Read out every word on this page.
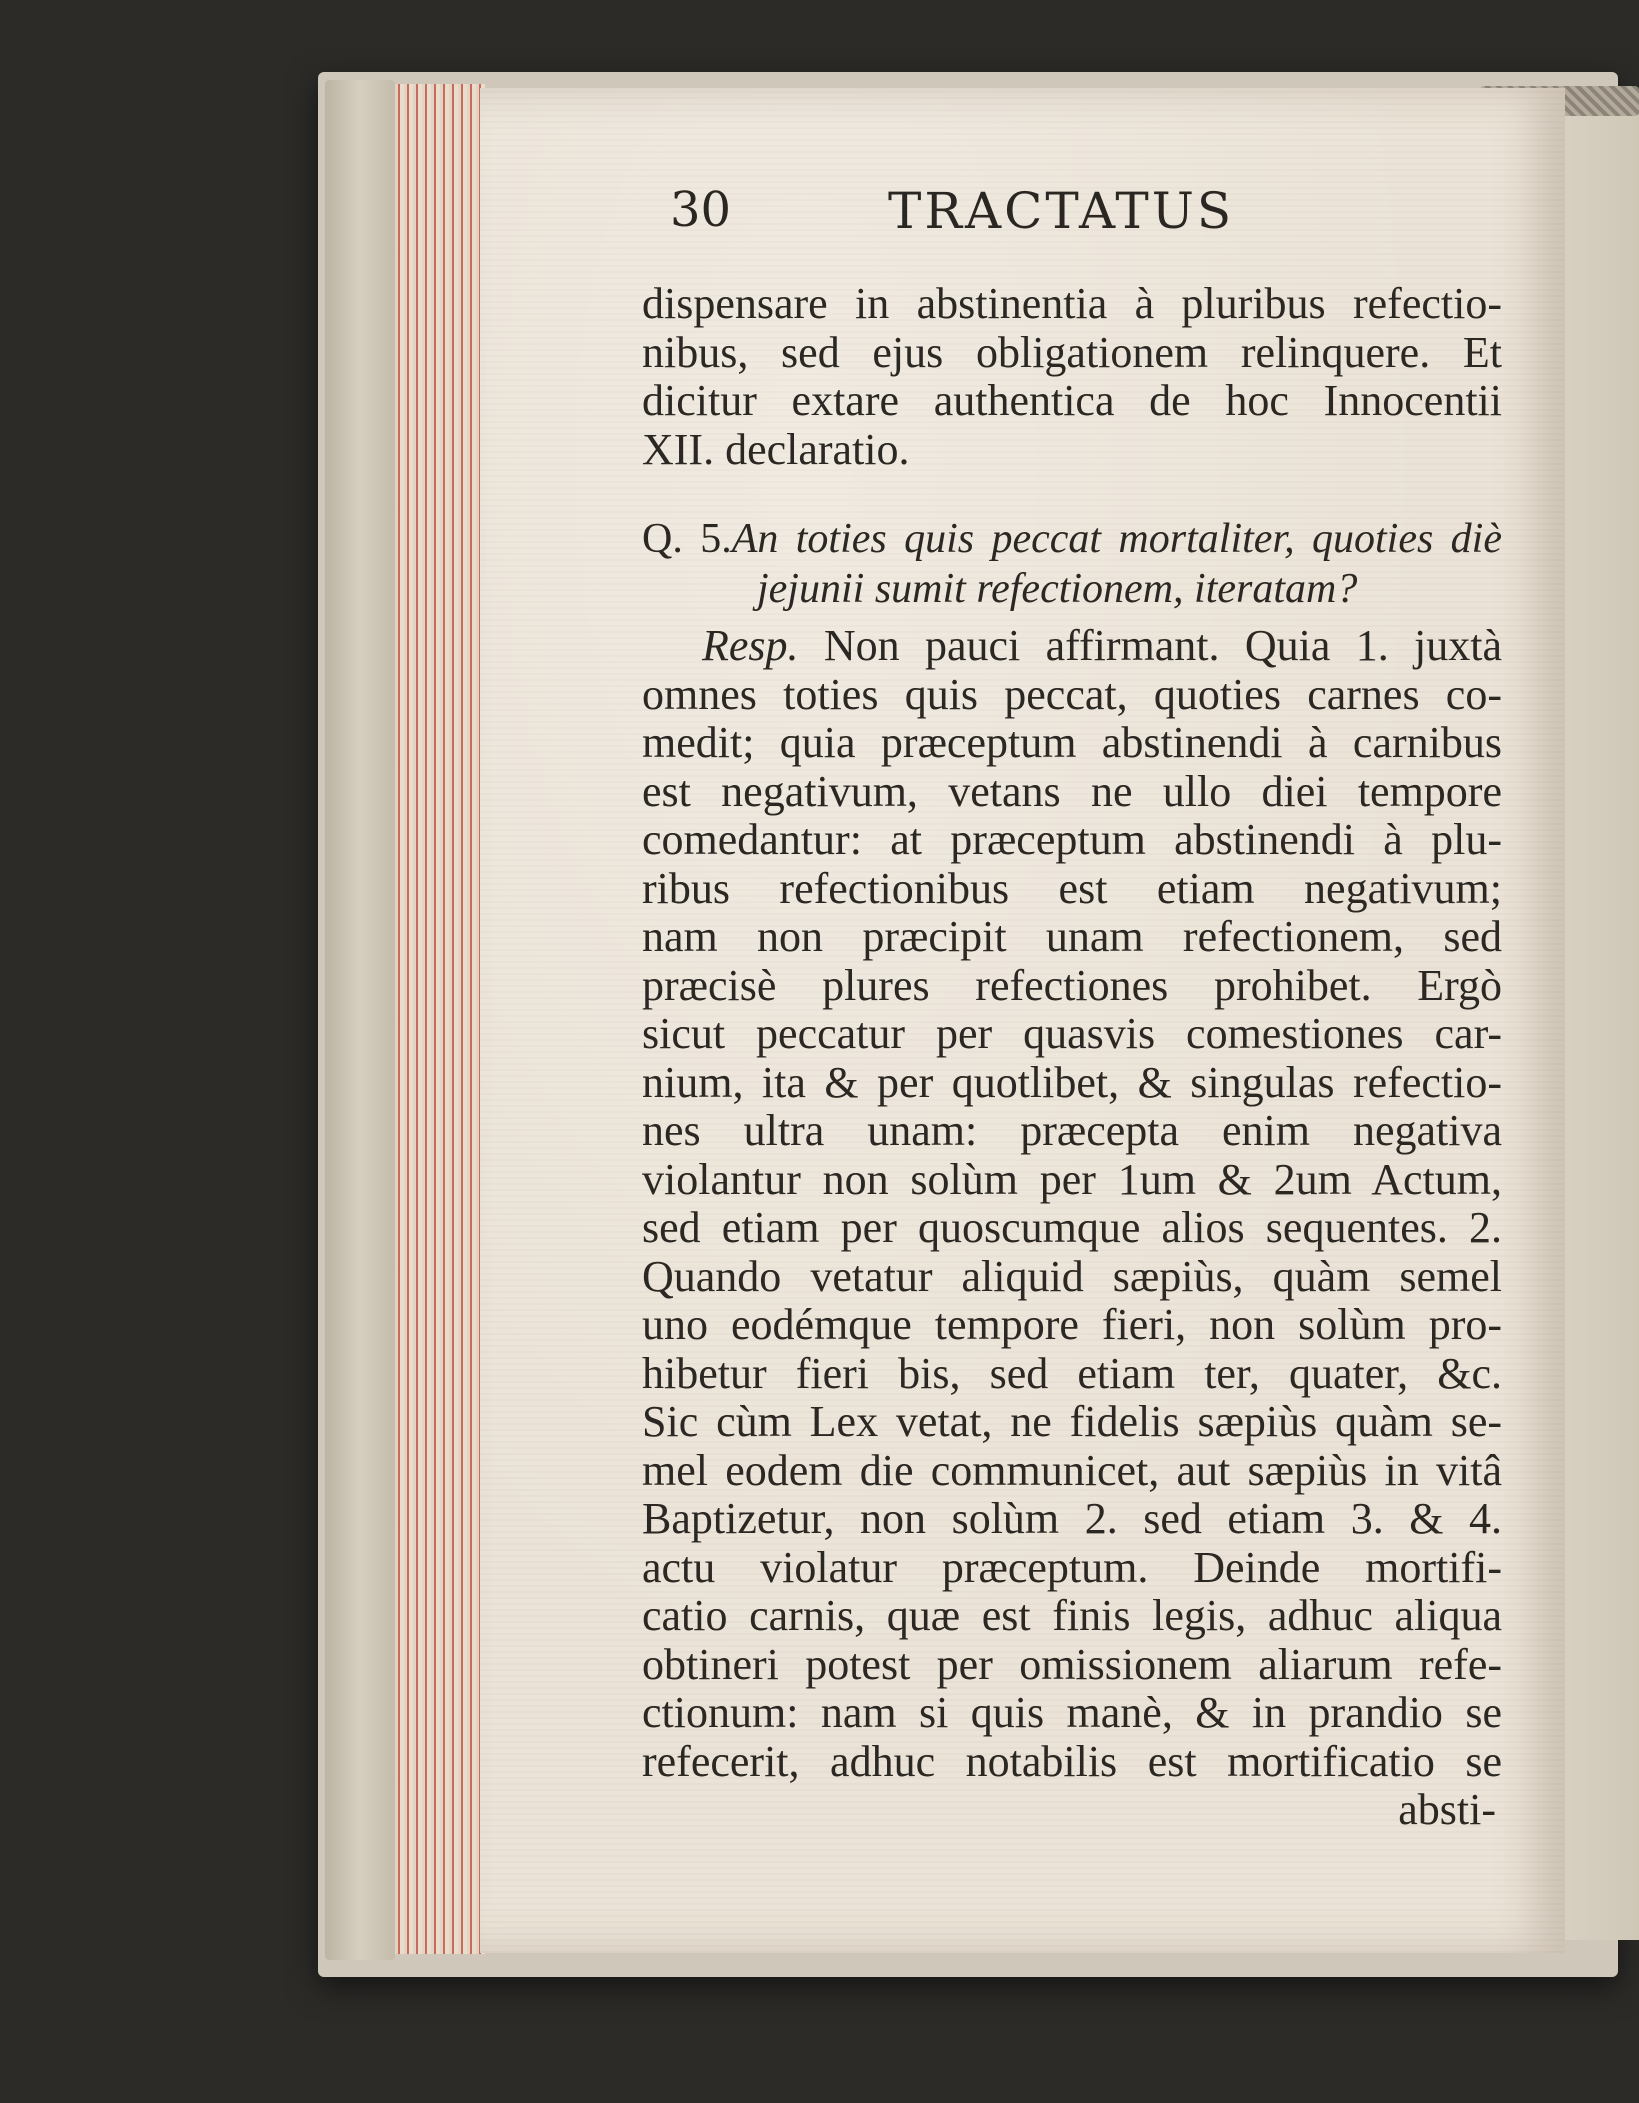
30	TRACTATUS
dispensare in abstinentia à pluribus refectio-
nibus, sed ejus obligationem relinquere. Et
dicitur extare authentica de hoc Innocentii
XII. declaratio.
Q. 5.An toties quis peccat mortaliter, quoties diè
jejunii sumit refectionem, iteratam?
Resp. Non pauci affirmant. Quia 1. juxtà
omnes toties quis peccat, quoties carnes co-
medit; quia præceptum abstinendi à carnibus
est negativum, vetans ne ullo diei tempore
comedantur: at præceptum abstinendi à plu-
ribus refectionibus est etiam negativum;
nam non præcipit unam refectionem, sed
præcisè plures refectiones prohibet. Ergò
sicut peccatur per quasvis comestiones car-
nium, ita & per quotlibet, & singulas refectio-
nes ultra unam: præcepta enim negativa
violantur non solùm per 1um & 2um Actum,
sed etiam per quoscumque alios sequentes. 2.
Quando vetatur aliquid sæpiùs, quàm semel
uno eodémque tempore fieri, non solùm pro-
hibetur fieri bis, sed etiam ter, quater, &c.
Sic cùm Lex vetat, ne fidelis sæpiùs quàm se-
mel eodem die communicet, aut sæpiùs in vitâ
Baptizetur, non solùm 2. sed etiam 3. & 4.
actu violatur præceptum. Deinde mortifi-
catio carnis, quæ est finis legis, adhuc aliqua
obtineri potest per omissionem aliarum refe-
ctionum: nam si quis manè, & in prandio se
refecerit, adhuc notabilis est mortificatio se
absti-
